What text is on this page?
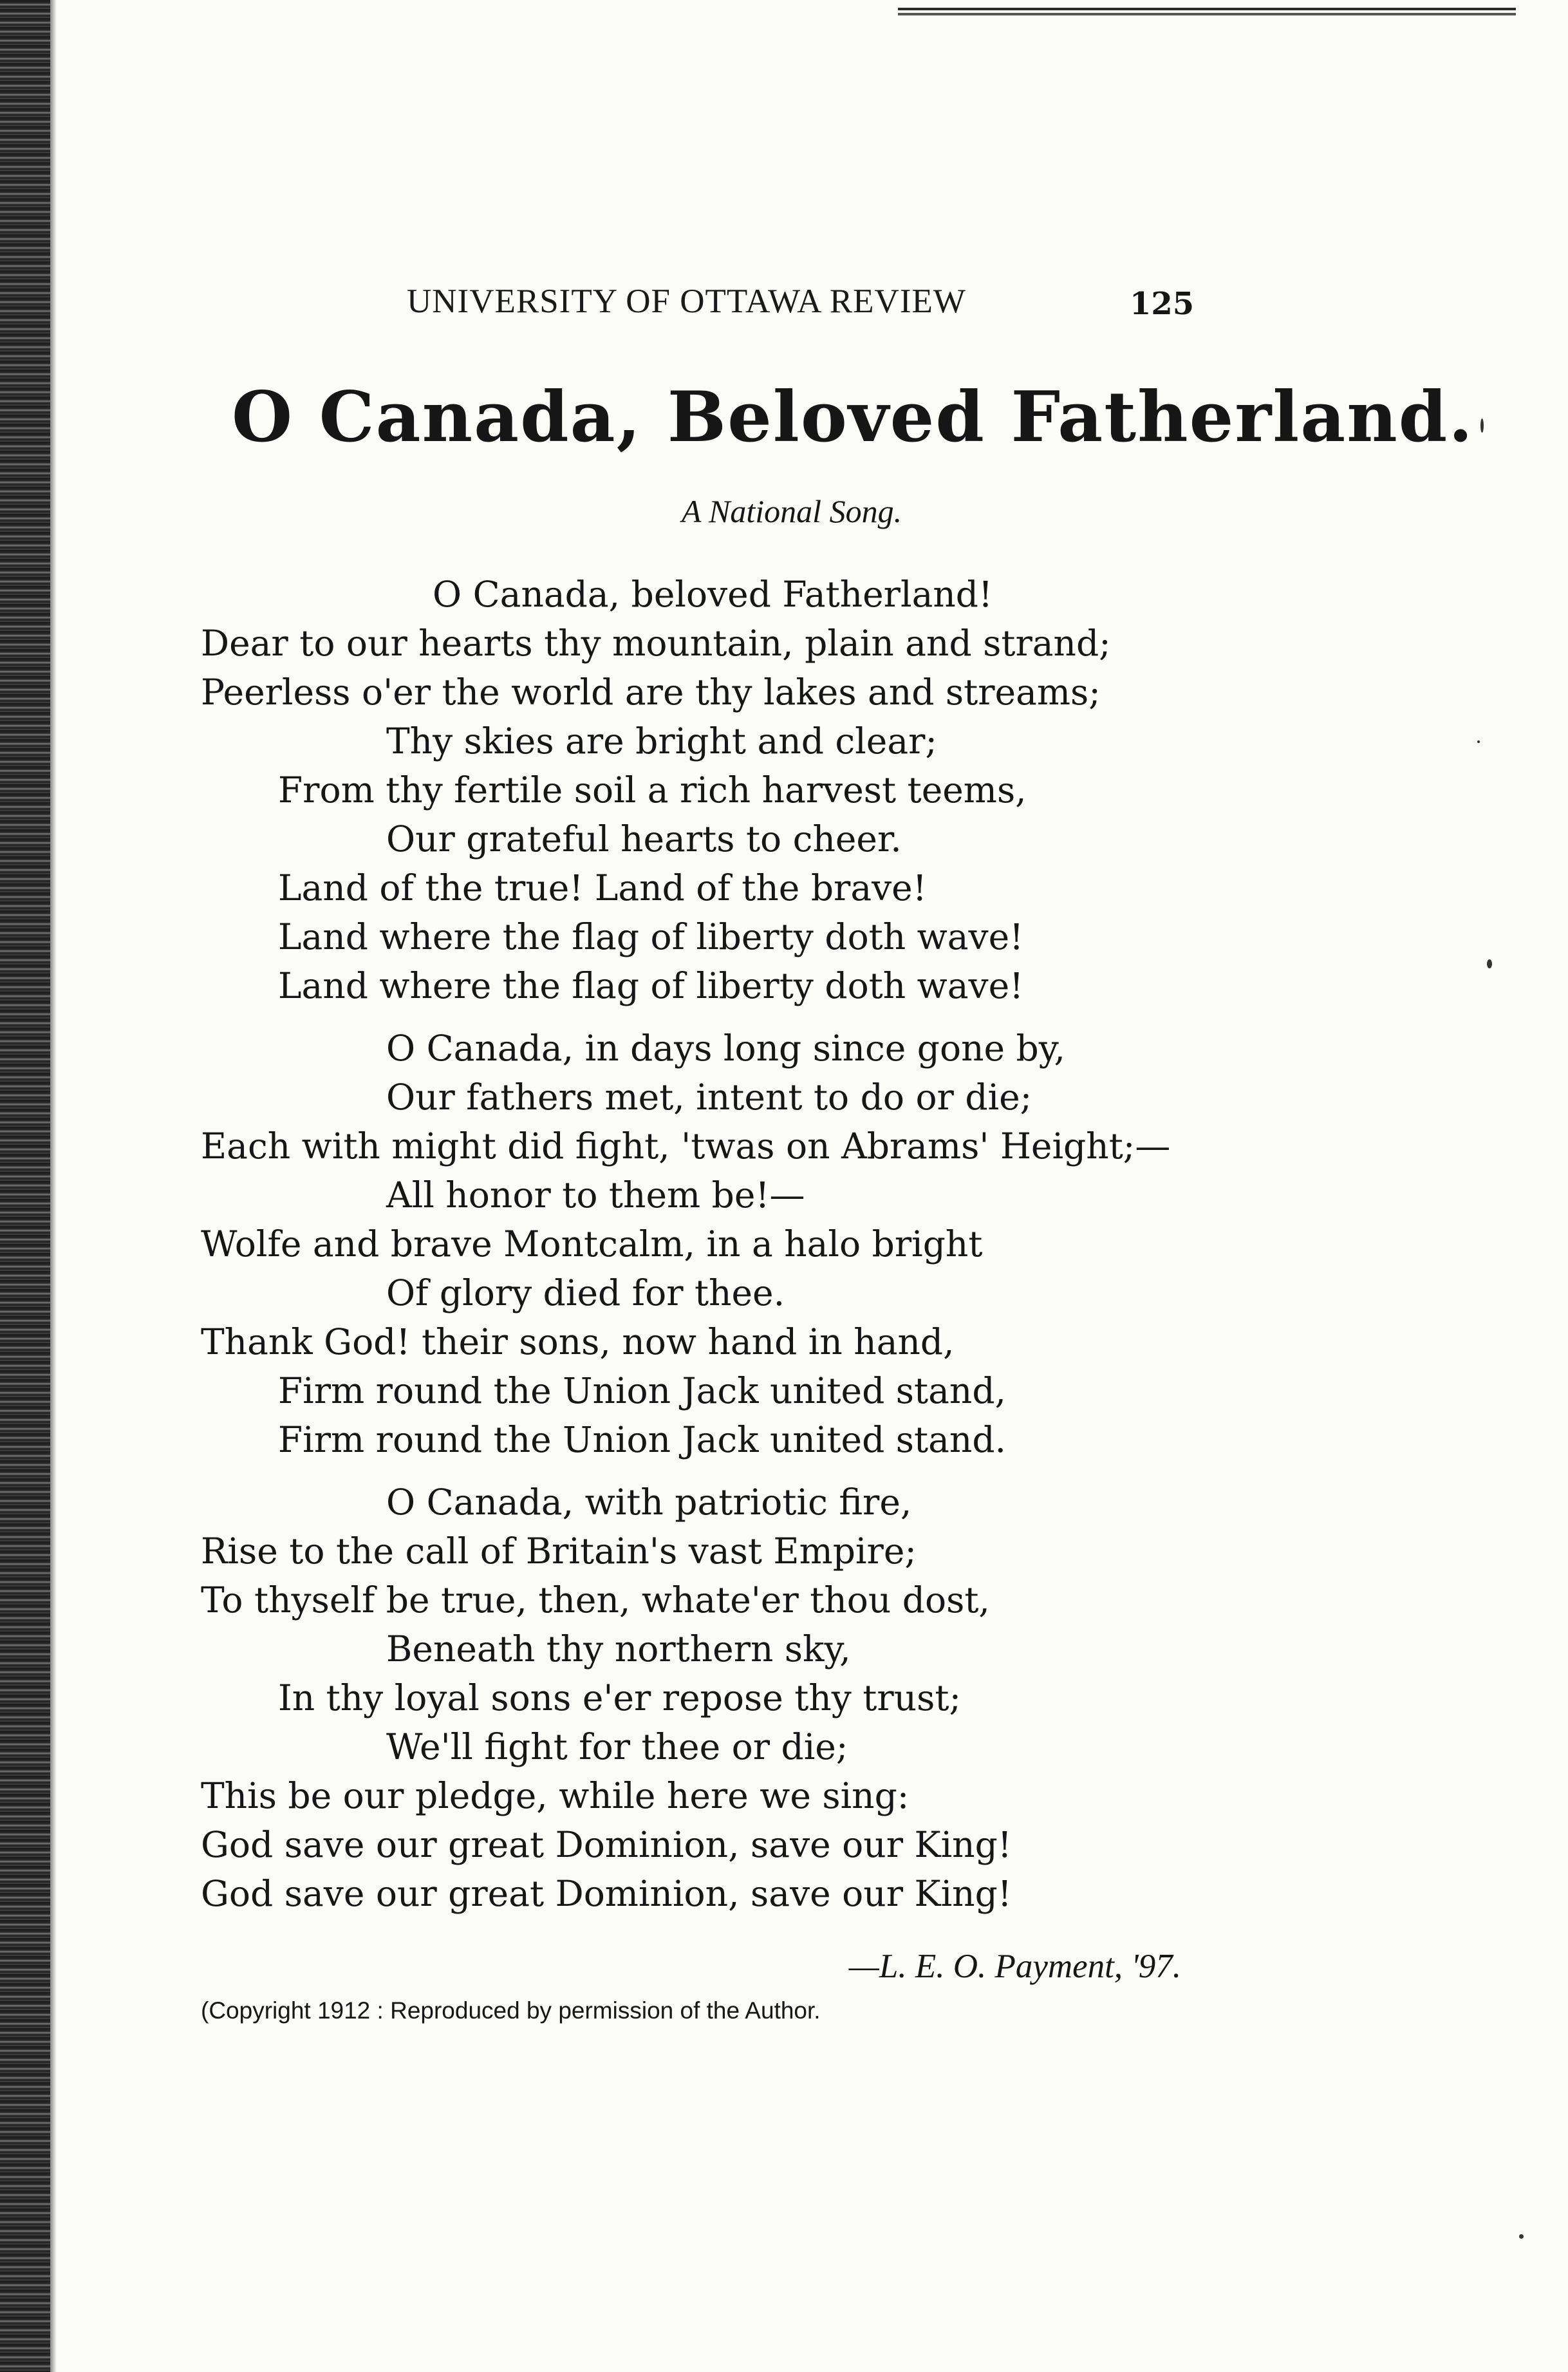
UNIVERSITY OF OTTAWA REVIEW	125
O Canada, Beloved Fatherland.
A National Song.
O Canada, beloved Fatherland!
Dear to our hearts thy mountain, plain and strand;
Peerless o'er the world are thy lakes and streams;
Thy skies are bright and clear;
From thy fertile soil a rich harvest teems,
Our grateful hearts to cheer.
Land of the true! Land of the brave!
Land where the flag of liberty doth wave!
Land where the flag of liberty doth wave!
O Canada, in days long since gone by,
Our fathers met, intent to do or die;
Each with might did fight, 'twas on Abrams' Height;—
All honor to them be!—
Wolfe and brave Montcalm, in a halo bright
Of glory died for thee.
Thank God! their sons, now hand in hand,
Firm round the Union Jack united stand,
Firm round the Union Jack united stand.
O Canada, with patriotic fire,
Rise to the call of Britain's vast Empire;
To thyself be true, then, whate'er thou dost,
Beneath thy northern sky,
In thy loyal sons e'er repose thy trust;
We'll fight for thee or die;
This be our pledge, while here we sing:
God save our great Dominion, save our King!
God save our great Dominion, save our King!
—L. E. O. Payment, '97.
(Copyright 1912 : Reproduced by permission of the Author.
